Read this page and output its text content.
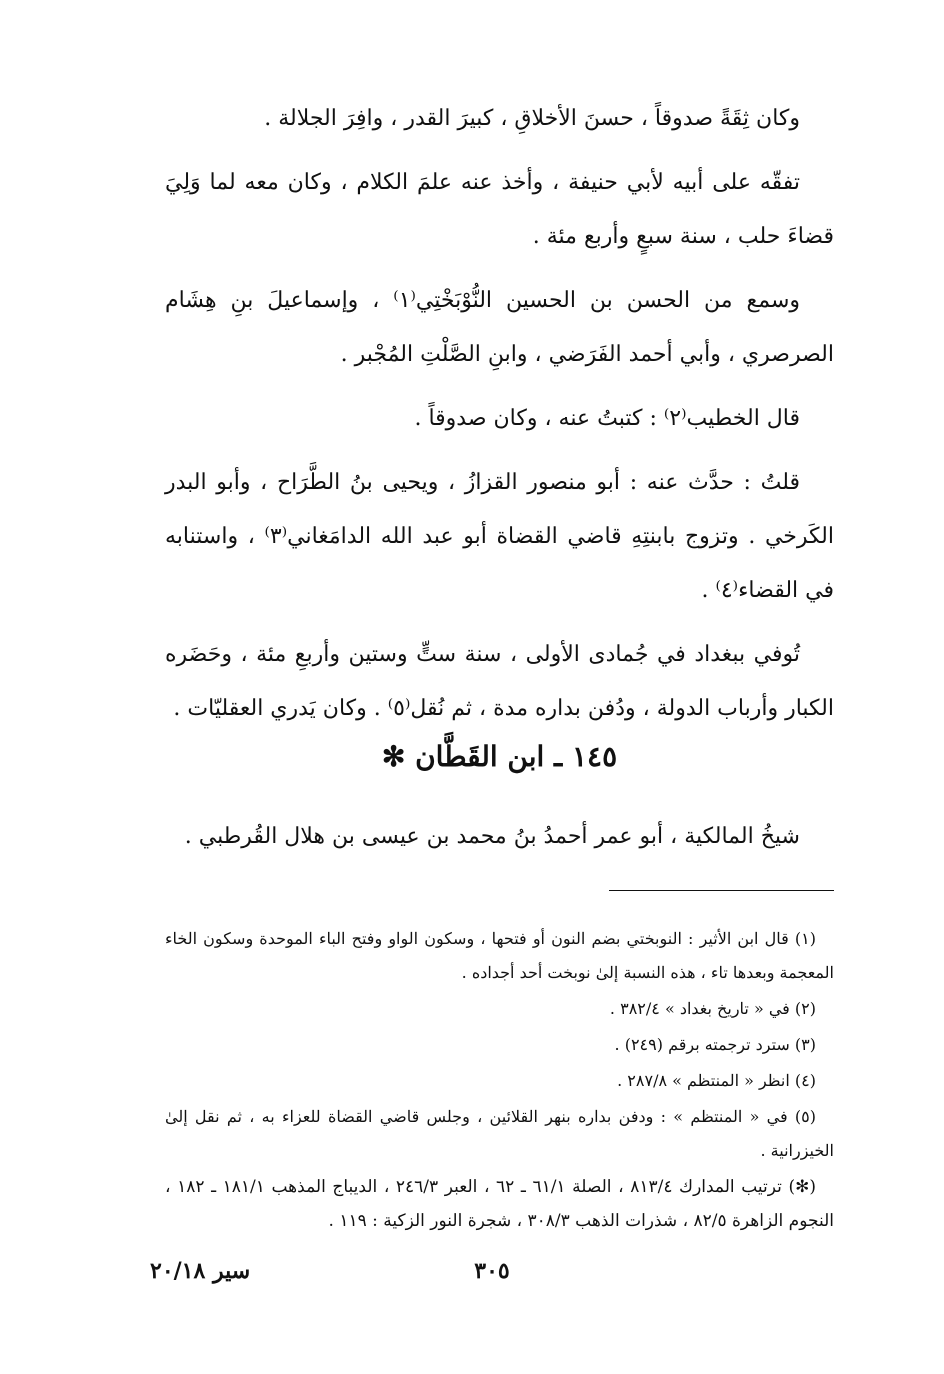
وكان ثِقَةً صدوقاً ، حسنَ الأخلاقِ ، كبيرَ القدر ، وافِرَ الجلالة .

تفقّه على أبيه لأبي حنيفة ، وأخذ عنه علمَ الكلام ، وكان معه لما وَلِيَ قضاءَ حلب ، سنة سبعٍ وأربع مئة .

وسمع من الحسن بن الحسين النُّوْبَخْتِي⁽١⁾ ، وإسماعيلَ بنِ هِشَام الصرصري ، وأبي أحمد الفَرَضي ، وابنِ الصَّلْتِ المُجْبر .

قال الخطيب⁽٢⁾ : كتبتُ عنه ، وكان صدوقاً .

قلتُ : حدَّث عنه : أبو منصور القزازُ ، ويحيى بنُ الطَّرَاح ، وأبو البدر الكَرخي . وتزوج بابنتِهِ قاضي القضاة أبو عبد الله الدامَغاني⁽٣⁾ ، واستنابه في القضاء⁽٤⁾ .

تُوفي ببغداد في جُمادى الأولى ، سنة ستٍّ وستين وأربعِ مئة ، وحَضَره الكبار وأرباب الدولة ، ودُفن بداره مدة ، ثم نُقل⁽٥⁾ . وكان يَدري العقليّات .

١٤٥ ـ ابن القَطَّان ✻

شيخُ المالكية ، أبو عمر أحمدُ بنُ محمد بن عيسى بن هلال القُرطبي .

(١) قال ابن الأثير : النوبختي بضم النون أو فتحها ، وسكون الواو وفتح الباء الموحدة وسكون الخاء المعجمة وبعدها تاء ، هذه النسبة إلىٰ نوبخت أحد أجداده .

(٢) في « تاريخ بغداد » ٣٨٢/٤ .

(٣) سترد ترجمته برقم (٢٤٩) .

(٤) انظر « المنتظم » ٢٨٧/٨ .

(٥) في « المنتظم » : ودفن بداره بنهر القلائين ، وجلس قاضي القضاة للعزاء به ، ثم نقل إلىٰ الخيزرانية .

(✻) ترتيب المدارك ٨١٣/٤ ، الصلة ٦١/١ ـ ٦٢ ، العبر ٢٤٦/٣ ، الديباج المذهب ١٨١/١ ـ ١٨٢ ، النجوم الزاهرة ٨٢/٥ ، شذرات الذهب ٣٠٨/٣ ، شجرة النور الزكية : ١١٩ .

٣٠٥
سير ٢٠/١٨
